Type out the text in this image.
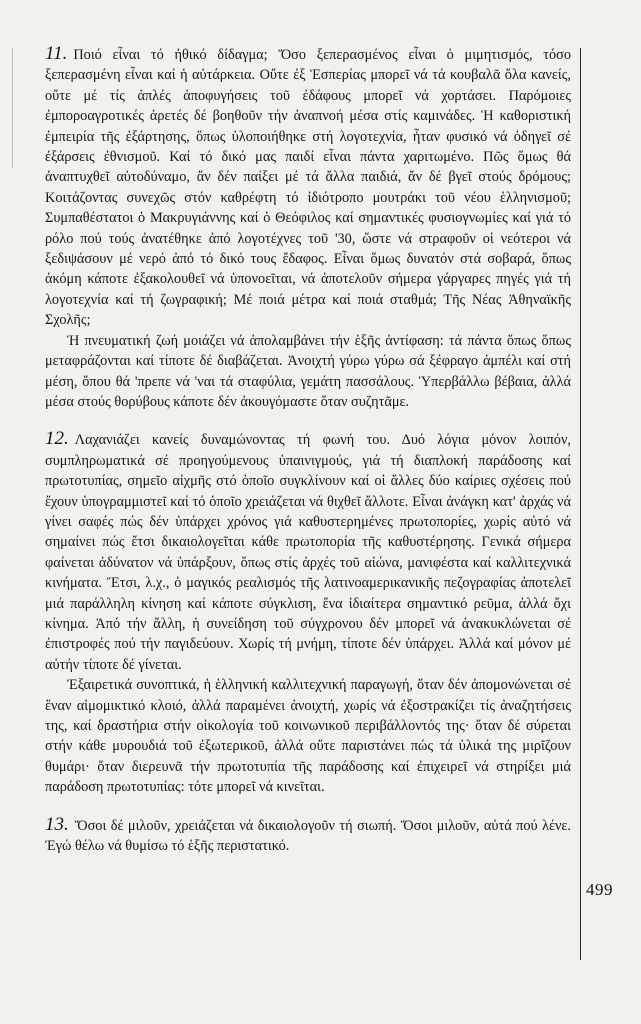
499

11. Ποιό εἶναι τό ἠθικό δίδαγμα; Ὅσο ξεπερασμένος εἶναι ὁ μιμητισμός, τόσο ξεπερασμένη εἶναι καί ἡ αὐτάρκεια. Οὔτε ἐξ Ἑσπερίας μπορεῖ νά τά κουβαλᾶ ὅλα κανείς, οὔτε μέ τίς ἁπλές ἀποφυγήσεις τοῦ ἐδάφους μπορεῖ νά χορτάσει. Παρόμοιες ἐμποροαγροτικές ἀρετές δέ βοηθοῦν τήν ἀναπνοή μέσα στίς καμινάδες. Ἡ καθοριστική ἐμπειρία τῆς ἐξάρτησης, ὅπως ὑλοποιήθηκε στή λογοτεχνία, ἦταν φυσικό νά ὁδηγεῖ σέ ἐξάρσεις ἐθνισμοῦ. Καί τό δικό μας παιδί εἶναι πάντα χαριτωμένο. Πῶς ὅμως θά ἀναπτυχθεῖ αὐτοδύναμο, ἄν δέν παίξει μέ τά ἄλλα παιδιά, ἄν δέ βγεῖ στούς δρόμους; Κοιτάζοντας συνεχῶς στόν καθρέφτη τό ἰδιότροπο μουτράκι τοῦ νέου ἑλληνισμοῦ; Συμπαθέστατοι ὁ Μακρυγιάννης καί ὁ Θεόφιλος καί σημαντικές φυσιογνωμίες καί γιά τό ρόλο πού τούς ἀνατέθηκε ἀπό λογοτέχνες τοῦ '30, ὥστε νά στραφοῦν οἱ νεότεροι νά ξεδιψάσουν μέ νερό ἀπό τό δικό τους ἔδαφος. Εἶναι ὅμως δυνατόν στά σοβαρά, ὅπως ἀκόμη κάποτε ἐξακολουθεῖ νά ὑπονοεῖται, νά ἀποτελοῦν σήμερα γάργαρες πηγές γιά τή λογοτεχνία καί τή ζωγραφική; Μέ ποιά μέτρα καί ποιά σταθμά; Τῆς Νέας Ἀθηναϊκῆς Σχολῆς;

Ἡ πνευματική ζωή μοιάζει νά ἀπολαμβάνει τήν ἑξῆς ἀντίφαση: τά πάντα ὅπως ὅπως μεταφράζονται καί τίποτε δέ διαβάζεται. Ἀνοιχτή γύρω γύρω σά ξέφραγο ἀμπέλι καί στή μέση, ὅπου θά 'πρεπε νά 'ναι τά σταφύλια, γεμάτη πασσάλους. Ὑπερβάλλω βέβαια, ἀλλά μέσα στούς θορύβους κάποτε δέν ἀκουγόμαστε ὅταν συζητᾶμε.

12. Λαχανιάζει κανείς δυναμώνοντας τή φωνή του. Δυό λόγια μόνον λοιπόν, συμπληρωματικά σέ προηγούμενους ὑπαινιγμούς, γιά τή διαπλοκή παράδοσης καί πρωτοτυπίας, σημεῖο αἰχμῆς στό ὁποῖο συγκλίνουν καί οἱ ἄλλες δύο καίριες σχέσεις πού ἔχουν ὑπογραμμιστεῖ καί τό ὁποῖο χρειάζεται νά θιχθεῖ ἄλλοτε. Εἶναι ἀνάγκη κατ' ἀρχάς νά γίνει σαφές πώς δέν ὑπάρχει χρόνος γιά καθυστερημένες πρωτοπορίες, χωρίς αὐτό νά σημαίνει πώς ἔτσι δικαιολογεῖται κάθε πρωτοπορία τῆς καθυστέρησης. Γενικά σήμερα φαίνεται ἀδύνατον νά ὑπάρξουν, ὅπως στίς ἀρχές τοῦ αἰώνα, μανιφέστα καί καλλιτεχνικά κινήματα. Ἔτσι, λ.χ., ὁ μαγικός ρεαλισμός τῆς λατινοαμερικανικῆς πεζογραφίας ἀποτελεῖ μιά παράλληλη κίνηση καί κάποτε σύγκλιση, ἕνα ἰδιαίτερα σημαντικό ρεῦμα, ἀλλά ὄχι κίνημα. Ἀπό τήν ἄλλη, ἡ συνείδηση τοῦ σύγχρονου δέν μπορεῖ νά ἀνακυκλώνεται σέ ἐπιστροφές πού τήν παγιδεύουν. Χωρίς τή μνήμη, τίποτε δέν ὑπάρχει. Ἀλλά καί μόνον μέ αὐτήν τίποτε δέ γίνεται.

Ἐξαιρετικά συνοπτικά, ἡ ἑλληνική καλλιτεχνική παραγωγή, ὅταν δέν ἀπομονώνεται σέ ἕναν αἱμομικτικό κλοιό, ἀλλά παραμένει ἀνοιχτή, χωρίς νά ἐξοστρακίζει τίς ἀναζητήσεις της, καί δραστήρια στήν οἰκολογία τοῦ κοινωνικοῦ περιβάλλοντός της· ὅταν δέ σύρεται στήν κάθε μυρουδιά τοῦ ἐξωτερικοῦ, ἀλλά οὔτε παριστάνει πώς τά ὑλικά της μιρῖζουν θυμάρι· ὅταν διερευνᾶ τήν πρωτοτυπία τῆς παράδοσης καί ἐπιχειρεῖ νά στηρίξει μιά παράδοση πρωτοτυπίας: τότε μπορεῖ νά κινεῖται.

13. Ὅσοι δέ μιλοῦν, χρειάζεται νά δικαιολογοῦν τή σιωπή. Ὅσοι μιλοῦν, αὐτά πού λένε. Ἐγώ θέλω νά θυμίσω τό ἑξῆς περιστατικό.
